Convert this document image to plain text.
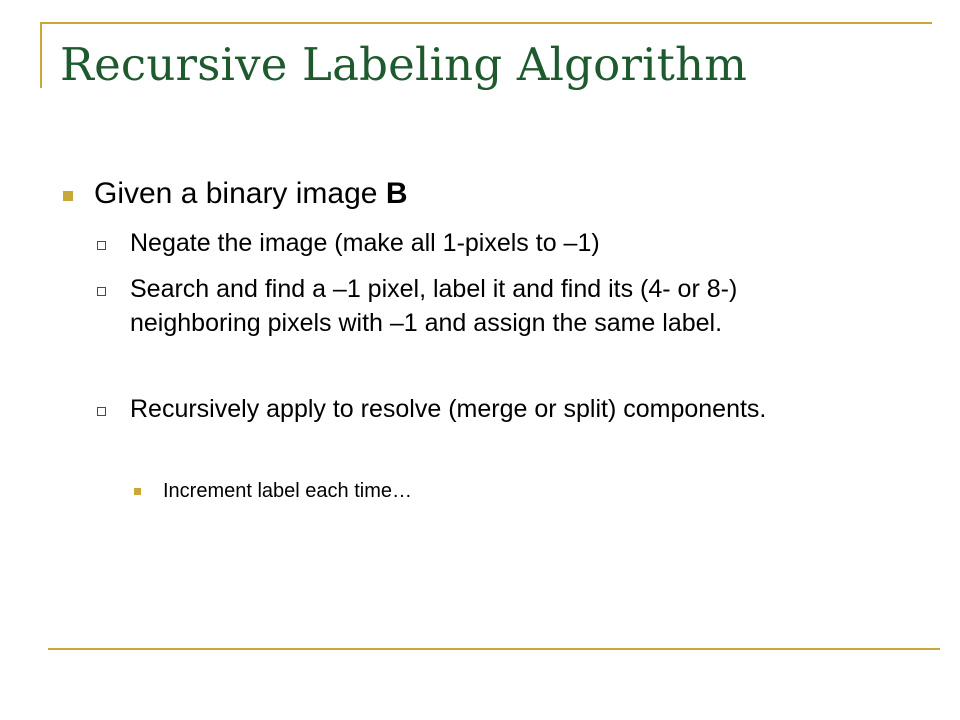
Recursive Labeling Algorithm
Given a binary image B
Negate the image (make all 1-pixels to –1)
Search and find a –1 pixel, label it and find its (4- or 8-) neighboring pixels with –1 and assign the same label.
Recursively apply to resolve (merge or split) components.
Increment label each time…
